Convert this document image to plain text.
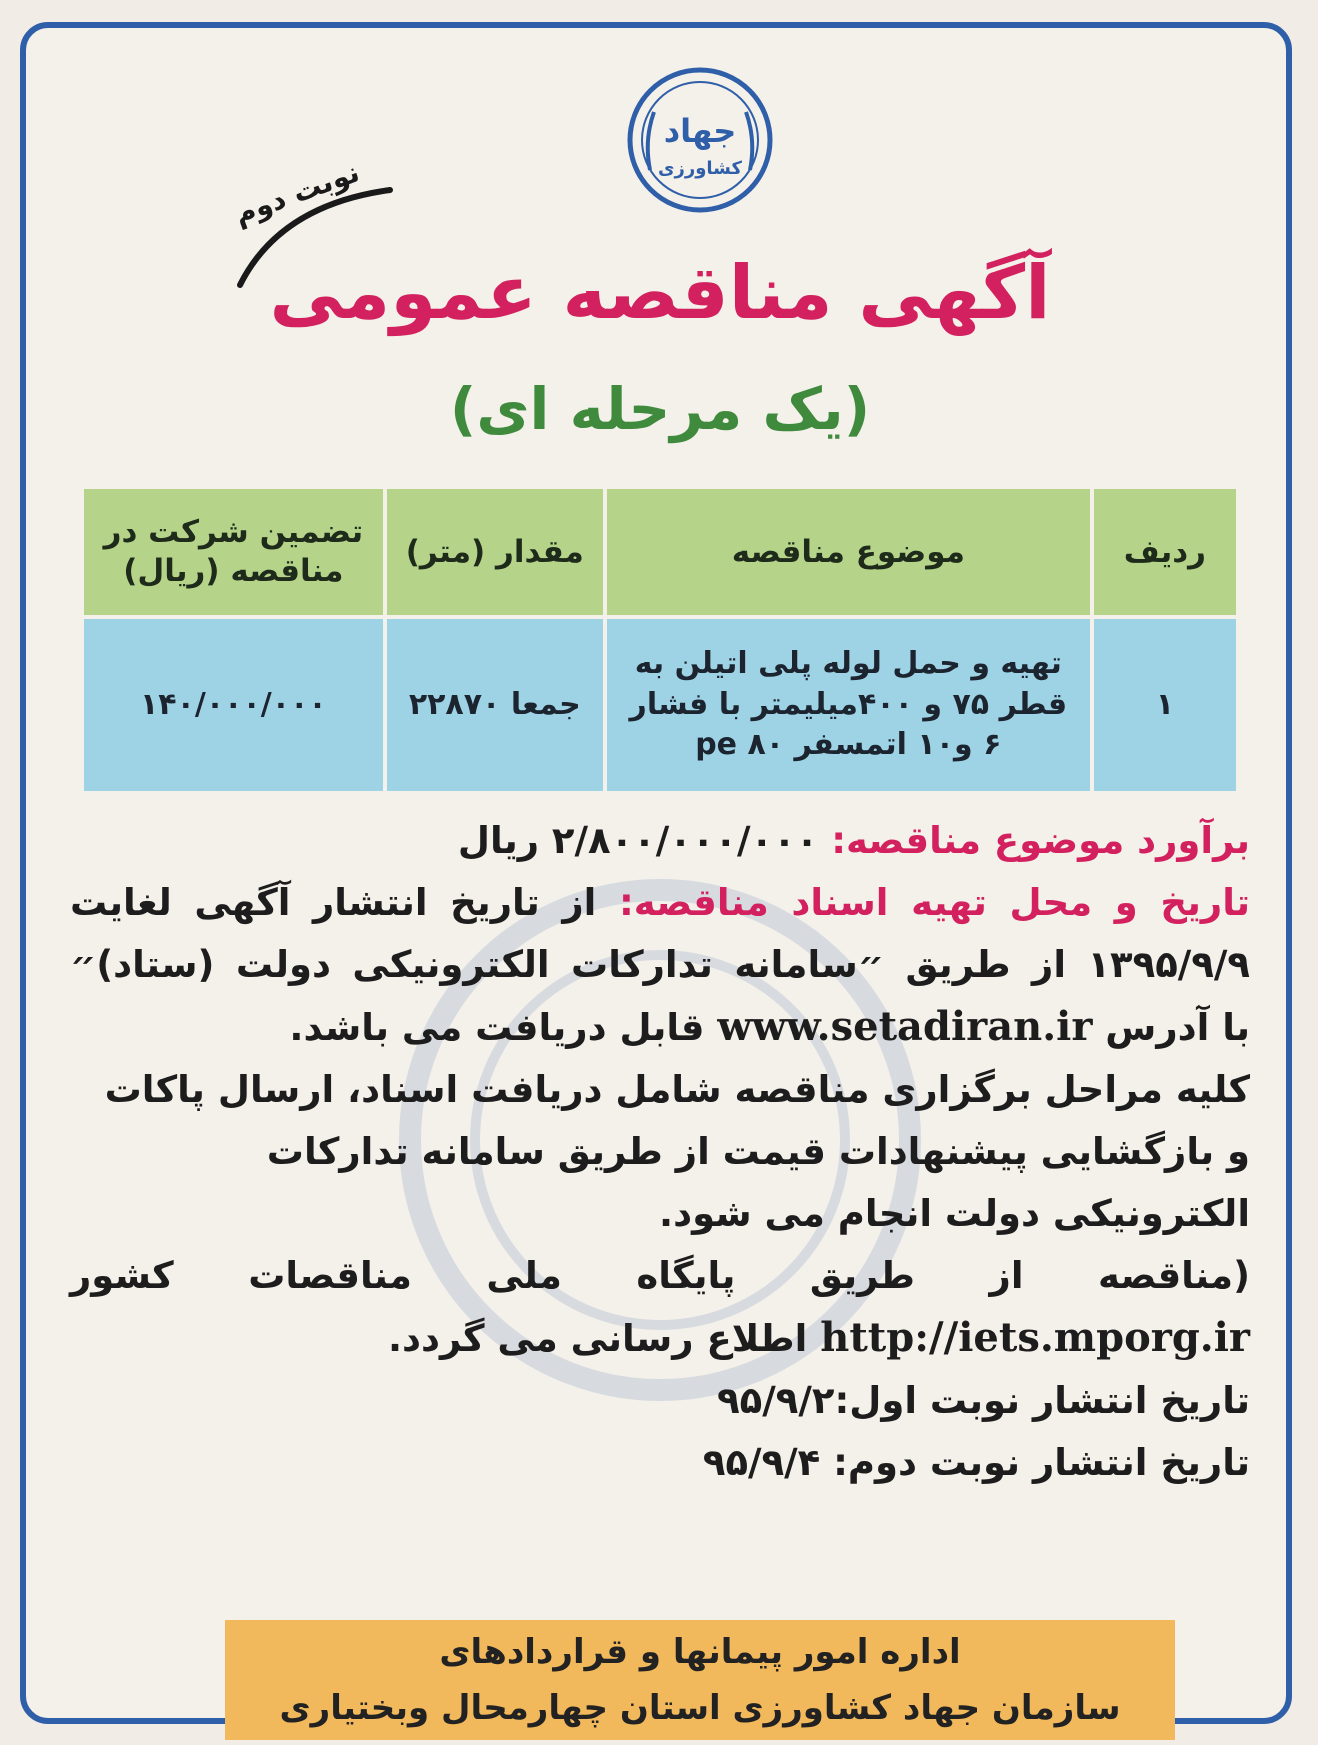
جهاد
کشاورزی
نوبت دوم
آگهی مناقصه عمومی
(یک مرحله ای)
ردیف	موضوع مناقصه	مقدار (متر)	تضمین شرکت در مناقصه (ریال)
۱	تهیه و حمل لوله پلی اتیلن به قطر ۷۵ و ۴۰۰میلیمتر با فشار ۶ و۱۰ اتمسفر pe ۸۰	جمعا ۲۲۸۷۰	۱۴۰/۰۰۰/۰۰۰

برآورد موضوع مناقصه: ۲/۸۰۰/۰۰۰/۰۰۰ ریال

تاریخ و محل تهیه اسناد مناقصه: از تاریخ انتشار آگهی لغایت

۱۳۹۵/۹/۹ از طریق ״سامانه تدارکات الکترونیکی دولت (ستاد)״

با آدرس www.setadiran.ir قابل دریافت می باشد.

کلیه مراحل برگزاری مناقصه شامل دریافت اسناد، ارسال پاکات و بازگشایی پیشنهادات قیمت از طریق سامانه تدارکات الکترونیکی دولت انجام می شود.

(مناقصه از طریق پایگاه ملی مناقصات کشور

http://iets.mporg.ir اطلاع رسانی می گردد.

تاریخ انتشار نوبت اول:۹۵/۹/۲

تاریخ انتشار نوبت دوم: ۹۵/۹/۴

اداره امور پیمانها و قراردادهای
سازمان جهاد کشاورزی استان چهارمحال وبختیاری
